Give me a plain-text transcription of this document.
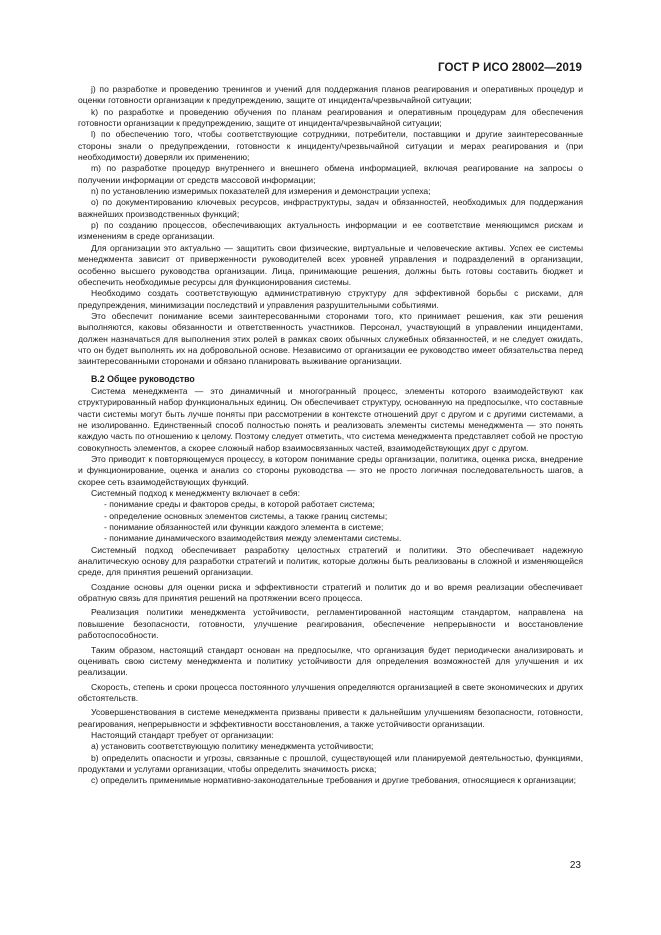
ГОСТ Р ИСО 28002—2019

j) по разработке и проведению тренингов и учений для поддержания планов реагирования и оперативных процедур и оценки готовности организации к предупреждению, защите от инцидента/чрезвычайной ситуации;

k) по разработке и проведению обучения по планам реагирования и оперативным процедурам для обеспечения готовности организации к предупреждению, защите от инцидента/чрезвычайной ситуации;

l) по обеспечению того, чтобы соответствующие сотрудники, потребители, поставщики и другие заинтересованные стороны знали о предупреждении, готовности к инциденту/чрезвычайной ситуации и мерах реагирования и (при необходимости) доверяли их применению;

m) по разработке процедур внутреннего и внешнего обмена информацией, включая реагирование на запросы о получении информации от средств массовой информации;

n) по установлению измеримых показателей для измерения и демонстрации успеха;

о) по документированию ключевых ресурсов, инфраструктуры, задач и обязанностей, необходимых для поддержания важнейших производственных функций;

р) по созданию процессов, обеспечивающих актуальность информации и ее соответствие меняющимся рискам и изменениям в среде организации.

Для организации это актуально — защитить свои физические, виртуальные и человеческие активы. Успех ее системы менеджмента зависит от приверженности руководителей всех уровней управления и подразделений в организации, особенно высшего руководства организации. Лица, принимающие решения, должны быть готовы составить бюджет и обеспечить необходимые ресурсы для функционирования системы.

Необходимо создать соответствующую административную структуру для эффективной борьбы с рисками, для предупреждения, минимизации последствий и управления разрушительными событиями.

Это обеспечит понимание всеми заинтересованными сторонами того, кто принимает решения, как эти решения выполняются, каковы обязанности и ответственность участников. Персонал, участвующий в управлении инцидентами, должен назначаться для выполнения этих ролей в рамках своих обычных служебных обязанностей, и не следует ожидать, что он будет выполнять их на добровольной основе. Независимо от организации ее руководство имеет обязательства перед заинтересованными сторонами и обязано планировать выживание организации.

В.2 Общее руководство

Система менеджмента — это динамичный и многогранный процесс, элементы которого взаимодействуют как структурированный набор функциональных единиц. Он обеспечивает структуру, основанную на предпосылке, что составные части системы могут быть лучше поняты при рассмотрении в контексте отношений друг с другом и с другими системами, а не изолированно. Единственный способ полностью понять и реализовать элементы системы менеджмента — это понять каждую часть по отношению к целому. Поэтому следует отметить, что система менеджмента представляет собой не простую совокупность элементов, а скорее сложный набор взаимосвязанных частей, взаимодействующих друг с другом.

Это приводит к повторяющемуся процессу, в котором понимание среды организации, политика, оценка риска, внедрение и функционирование, оценка и анализ со стороны руководства — это не просто логичная последовательность шагов, а скорее сеть взаимодействующих функций.

Системный подход к менеджменту включает в себя:

- понимание среды и факторов среды, в которой работает система;

- определение основных элементов системы, а также границ системы;

- понимание обязанностей или функции каждого элемента в системе;

- понимание динамического взаимодействия между элементами системы.

Системный подход обеспечивает разработку целостных стратегий и политики. Это обеспечивает надежную аналитическую основу для разработки стратегий и политик, которые должны быть реализованы в сложной и изменяющейся среде, для принятия решений организации.

Создание основы для оценки риска и эффективности стратегий и политик до и во время реализации обеспечивает обратную связь для принятия решений на протяжении всего процесса.

Реализация политики менеджмента устойчивости, регламентированной настоящим стандартом, направлена на повышение безопасности, готовности, улучшение реагирования, обеспечение непрерывности и восстановление работоспособности.

Таким образом, настоящий стандарт основан на предпосылке, что организация будет периодически анализировать и оценивать свою систему менеджмента и политику устойчивости для определения возможностей для улучшения и их реализации.

Скорость, степень и сроки процесса постоянного улучшения определяются организацией в свете экономических и других обстоятельств.

Усовершенствования в системе менеджмента призваны привести к дальнейшим улучшениям безопасности, готовности, реагирования, непрерывности и эффективности восстановления, а также устойчивости организации.

Настоящий стандарт требует от организации:

а) установить соответствующую политику менеджмента устойчивости;

b) определить опасности и угрозы, связанные с прошлой, существующей или планируемой деятельностью, функциями, продуктами и услугами организации, чтобы определить значимость риска;

с) определить применимые нормативно-законодательные требования и другие требования, относящиеся к организации;

23
